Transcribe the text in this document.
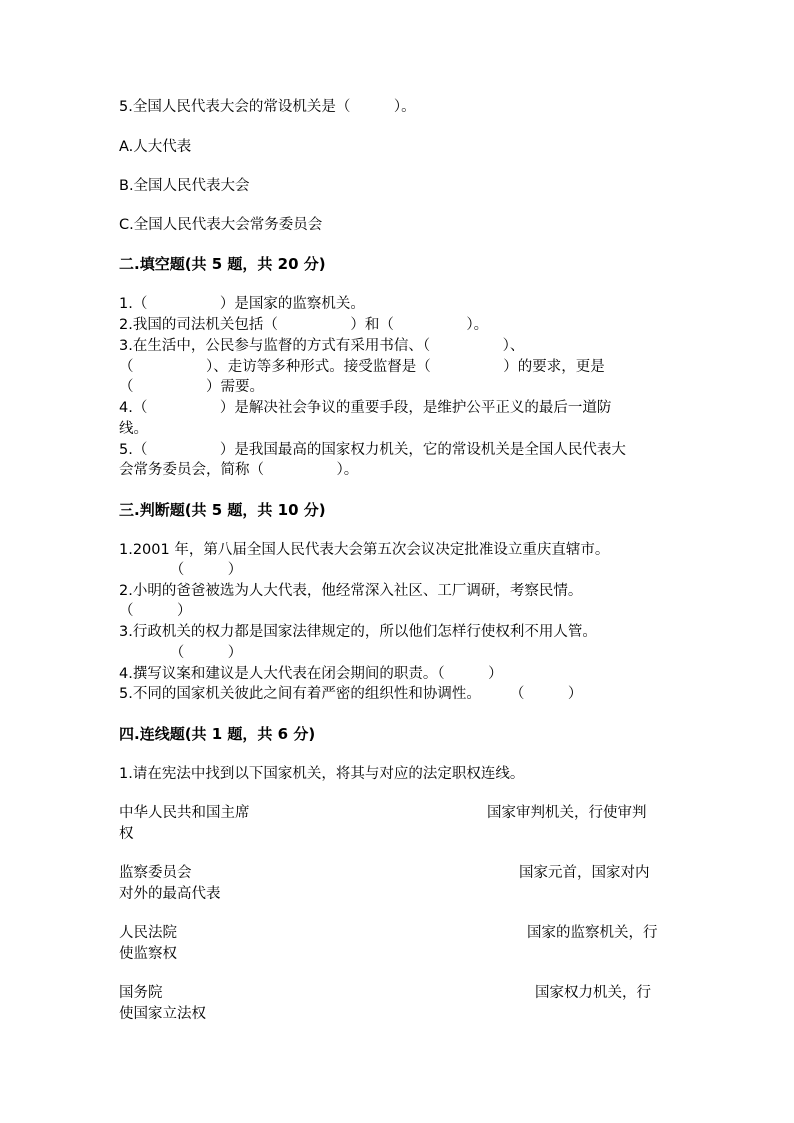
5.全国人民代表大会的常设机关是（　　　）。
A.人大代表
B.全国人民代表大会
C.全国人民代表大会常务委员会
二.填空题(共 5 题，共 20 分)
1.（　　　　　）是国家的监察机关。
2.我国的司法机关包括（　　　　　）和（　　　　　）。
3.在生活中，公民参与监督的方式有采用书信、（　　　　　）、
（　　　　　）、走访等多种形式。接受监督是（　　　　　）的要求，更是
（　　　　　）需要。
4.（　　　　　）是解决社会争议的重要手段，是维护公平正义的最后一道防
线。
5.（　　　　　）是我国最高的国家权力机关，它的常设机关是全国人民代表大
会常务委员会，简称（　　　　　）。
三.判断题(共 5 题，共 10 分)
1.2001 年，第八届全国人民代表大会第五次会议决定批准设立重庆直辖市。
　　　　（　　　）
2.小明的爸爸被选为人大代表，他经常深入社区、工厂调研，考察民情。
（　　　）
3.行政机关的权力都是国家法律规定的，所以他们怎样行使权利不用人管。
　　　　（　　　）
4.撰写议案和建议是人大代表在闭会期间的职责。（　　　）
5.不同的国家机关彼此之间有着严密的组织性和协调性。　　　（　　　）
四.连线题(共 1 题，共 6 分)
1.请在宪法中找到以下国家机关，将其与对应的法定职权连线。
中华人民共和国主席	国家审判机关，行使审判
权
监察委员会	国家元首，国家对内
对外的最高代表
人民法院	国家的监察机关，行
使监察权
国务院	国家权力机关，行
使国家立法权
